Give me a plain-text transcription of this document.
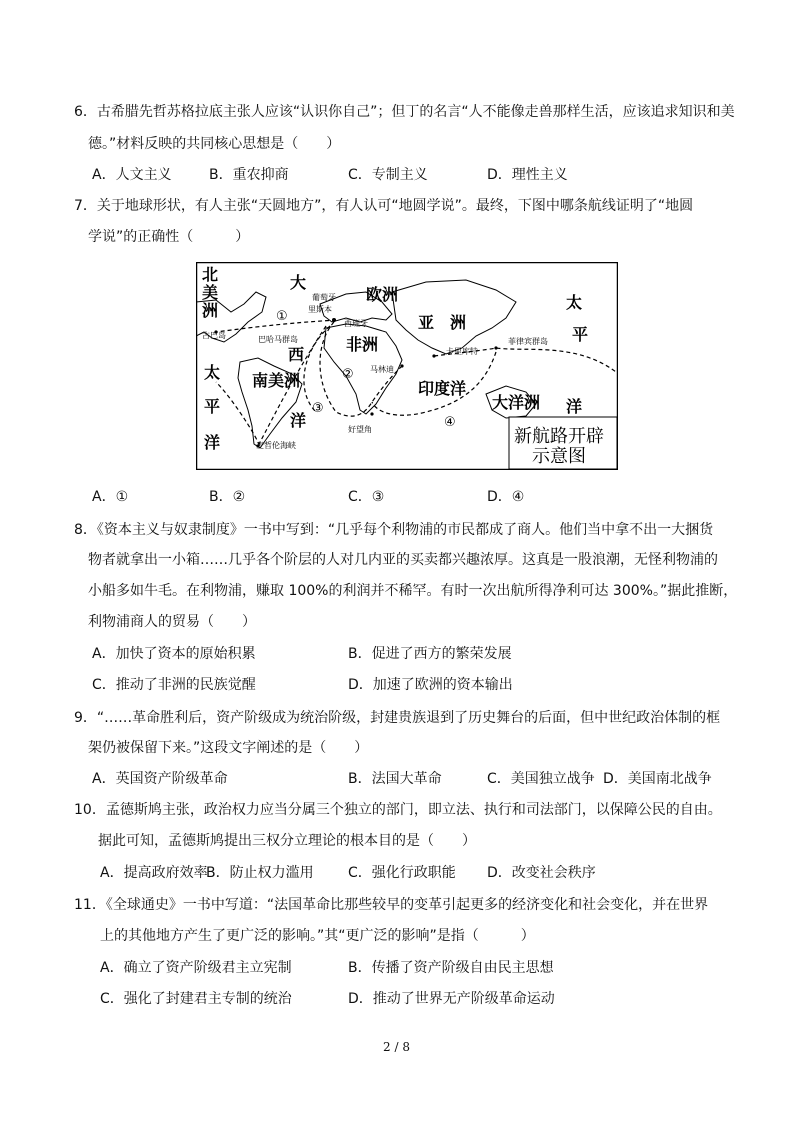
6．古希腊先哲苏格拉底主张人应该“认识你自己”；但丁的名言“人不能像走兽那样生活，应该追求知识和美
德。”材料反映的共同核心思想是（　　）
A．人文主义	B．重农抑商	C．专制主义	D．理性主义
7．关于地球形状，有人主张“天圆地方”，有人认可“地圆学说”。最终，下图中哪条航线证明了“地圆
学说”的正确性（　　　）
北
美
洲
大
西
洋
欧洲
亚　洲
非洲
南美洲	印度洋
大洋洲
太
平
洋
太
平
洋
葡萄牙
里斯本
西班牙
古巴岛	巴哈马群岛
卡里库特
菲律宾群岛
马林迪
好望角
麦哲伦海峡
①
②
③
④
新航路开辟
示意图
A．①	B．②	C．③	D．④
8．《资本主义与奴隶制度》一书中写到：“几乎每个利物浦的市民都成了商人。他们当中拿不出一大捆货
物者就拿出一小箱……几乎各个阶层的人对几内亚的买卖都兴趣浓厚。这真是一股浪潮，无怪利物浦的
小船多如牛毛。在利物浦，赚取 100%的利润并不稀罕。有时一次出航所得净利可达 300%。”据此推断，
利物浦商人的贸易（　　）
A．加快了资本的原始积累	B．促进了西方的繁荣发展
C．推动了非洲的民族觉醒	D．加速了欧洲的资本输出
9．“……革命胜利后，资产阶级成为统治阶级，封建贵族退到了历史舞台的后面，但中世纪政治体制的框
架仍被保留下来。”这段文字阐述的是（　　）
A．英国资产阶级革命	B．法国大革命	C．美国独立战争 D．美国南北战争
10．孟德斯鸠主张，政治权力应当分属三个独立的部门，即立法、执行和司法部门，以保障公民的自由。
据此可知，孟德斯鸠提出三权分立理论的根本目的是（　　）
A．提高政府效率
B．防止权力滥用 C．强化行政职能 D．改变社会秩序
11．《全球通史》一书中写道：“法国革命比那些较早的变革引起更多的经济变化和社会变化，并在世界
上的其他地方产生了更广泛的影响。”其“更广泛的影响”是指（　　　）
A．确立了资产阶级君主立宪制	B．传播了资产阶级自由民主思想
C．强化了封建君主专制的统治	D．推动了世界无产阶级革命运动
2 / 8
